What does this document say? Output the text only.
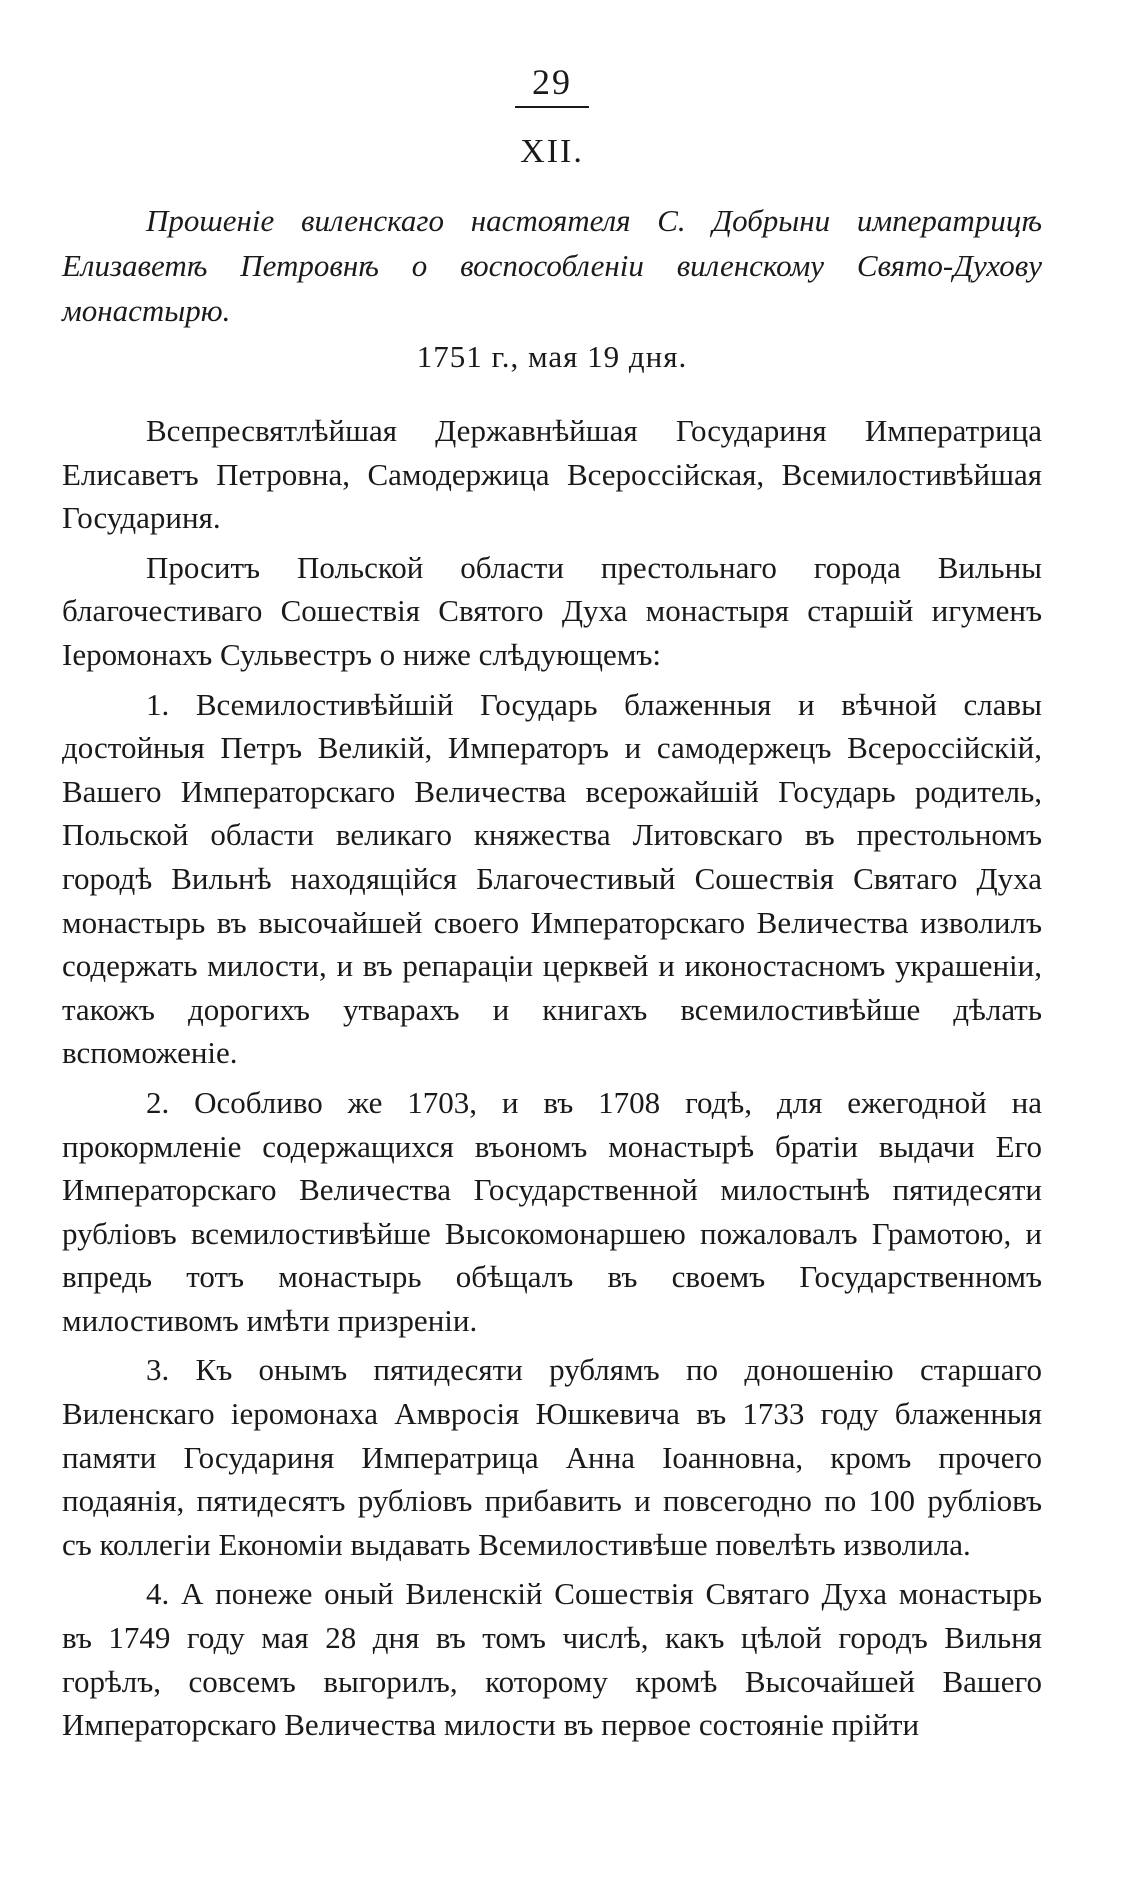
29
XII.

Прошеніе виленскаго настоятеля С. Добрыни императрицѣ Елизаветѣ Петровнѣ о воспособленіи виленскому Свято-Духову монастырю.

1751 г., мая 19 дня.

Всепресвятлѣйшая Державнѣйшая Государиня Императрица Елисаветъ Петровна, Самодержица Всероссійская, Всемилостивѣйшая Государиня.

Проситъ Польской области престольнаго города Вильны благочестиваго Сошествія Святого Духа монастыря старшій игуменъ Іеромонахъ Сульвестръ о ниже слѣдующемъ:

1. Всемилостивѣйшій Государь блаженныя и вѣчной славы достойныя Петръ Великій, Императоръ и самодержецъ Всероссійскій, Вашего Императорскаго Величества всерожайшій Государь родитель, Польской области великаго княжества Литовскаго въ престольномъ городѣ Вильнѣ находящійся Благочестивый Сошествія Святаго Духа монастырь въ высочайшей своего Императорскаго Величества изволилъ содержать милости, и въ репараціи церквей и иконостасномъ украшеніи, такожъ дорогихъ утварахъ и книгахъ всемилостивѣйше дѣлать вспоможеніе.

2. Особливо же 1703, и въ 1708 годѣ, для ежегодной на прокормленіе содержащихся въономъ монастырѣ братіи выдачи Его Императорскаго Величества Государственной милостынѣ пятидесяти рублiовъ всемилостивѣйше Высокомонаршею пожаловалъ Грамотою, и впредь тотъ монастырь обѣщалъ въ своемъ Государственномъ милостивомъ имѣти призреніи.

3. Къ онымъ пятидесяти рублямъ по доношенію старшаго Виленскаго іеромонаха Амвросія Юшкевича въ 1733 году блаженныя памяти Государиня Императрица Анна Іоанновна, кромъ прочего подаянія, пятидесятъ рублiовъ прибавить и повсегодно по 100 рублiовъ съ коллегіи Економіи выдавать Всемилостивѣше повелѣть изволила.

4. А понеже оный Виленскій Сошествія Святаго Духа монастырь въ 1749 году мая 28 дня въ томъ числѣ, какъ цѣлой городъ Вильня горѣлъ, совсемъ выгорилъ, которому кромѣ Высочайшей Вашего Императорскаго Величества милости въ первое состояніе прійти
